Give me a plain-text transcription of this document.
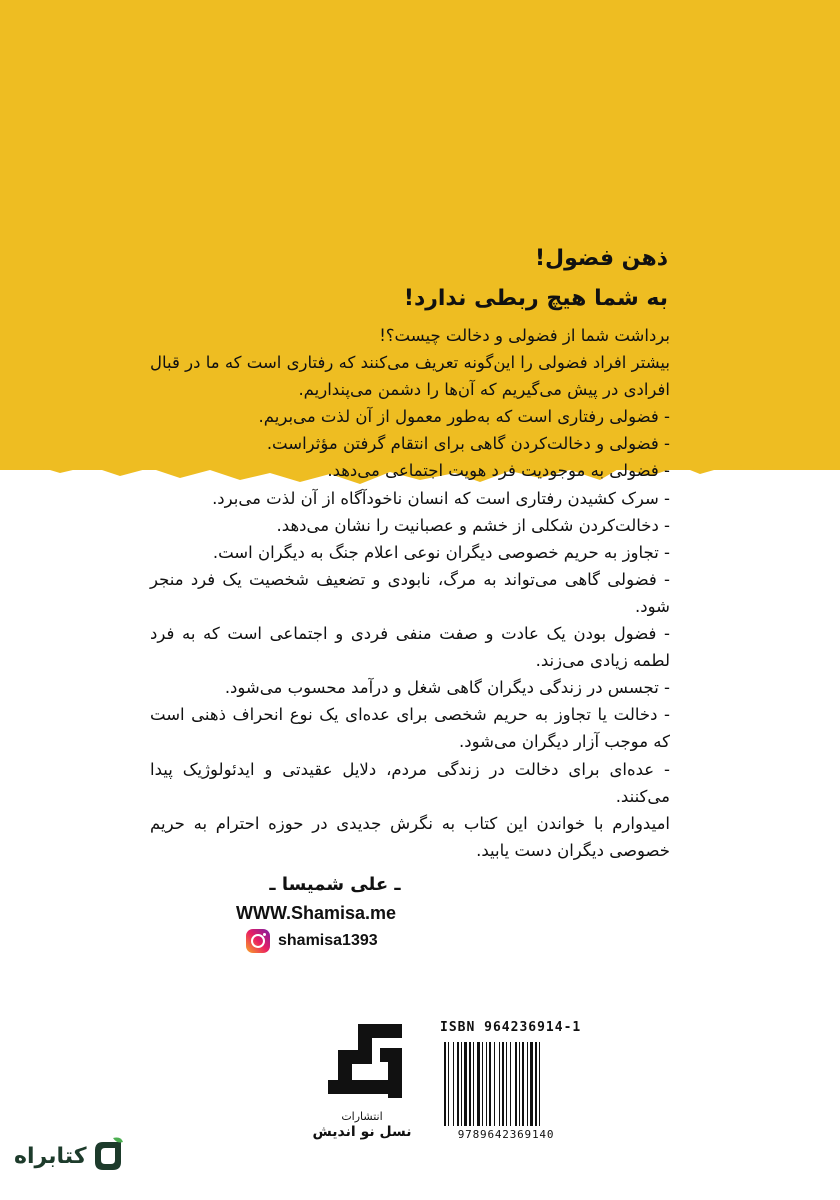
ذهن فضول!
به شما هیچ ربطی ندارد!

برداشت شما از فضولی و دخالت چیست؟!

بیشتر افراد فضولی را این‌گونه تعریف می‌کنند که رفتاری است که ما در قبال افرادی در پیش می‌گیریم که آن‌ها را دشمن می‌پنداریم.

- فضولی رفتاری است که به‌طور معمول از آن لذت می‌بریم.

- فضولی و دخالت‌کردن گاهی برای انتقام گرفتن مؤثراست.

- فضولی به موجودیت فرد هویت اجتماعی می‌دهد.

- سرک کشیدن رفتاری است که انسان ناخودآگاه از آن لذت می‌برد.

- دخالت‌کردن شکلی از خشم و عصبانیت را نشان می‌دهد.

- تجاوز به حریم خصوصی دیگران نوعی اعلام جنگ به دیگران است.

- فضولی گاهی می‌تواند به مرگ، نابودی و تضعیف شخصیت یک فرد منجر شود.

- فضول بودن یک عادت و صفت منفی فردی و اجتماعی است که به فرد لطمه زیادی می‌زند.

- تجسس در زندگی دیگران گاهی شغل و درآمد محسوب می‌شود.

- دخالت یا تجاوز به حریم شخصی برای عده‌ای یک نوع انحراف ذهنی است که موجب آزار دیگران می‌شود.

- عده‌ای برای دخالت در زندگی مردم، دلایل عقیدتی و ایدئولوژیک پیدا می‌کنند.

امیدوارم با خواندن این کتاب به نگرش جدیدی در حوزه احترام به حریم خصوصی دیگران دست یابید.

ـ علی شمیسا ـ
WWW.Shamisa.me
shamisa1393
انتشارات
نسل نو اندیش
ISBN 964236914-1
9789642369140
کتابراه
